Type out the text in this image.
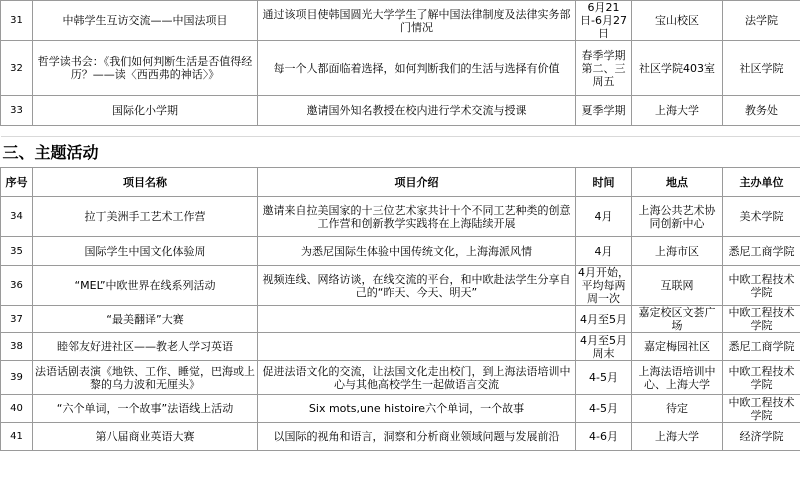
31	中韩学生互访交流——中国法项目	通过该项目使韩国圆光大学学生了解中国法律制度及法律实务部门情况	6月21日-6月27日	宝山校区	法学院
32	哲学读书会：《我们如何判断生活是否值得经历？——读〈西西弗的神话〉》	每一个人都面临着选择，如何判断我们的生活与选择有价值	春季学期第二、三周五	社区学院403室	社区学院
33	国际化小学期	邀请国外知名教授在校内进行学术交流与授课	夏季学期	上海大学	教务处

三、主题活动					
序号	项目名称	项目介绍	时间	地点	主办单位
34	拉丁美洲手工艺术工作营	邀请来自拉美国家的十三位艺术家共计十个不同工艺种类的创意工作营和创新教学实践将在上海陆续开展	4月	上海公共艺术协同创新中心	美术学院
35	国际学生中国文化体验周	为悉尼国际生体验中国传统文化，上海海派风情	4月	上海市区	悉尼工商学院
36	“MEL”中欧世界在线系列活动	视频连线、网络访谈，在线交流的平台，和中欧赴法学生分享自己的“昨天、今天、明天”	4月开始，平均每两周一次	互联网	中欧工程技术学院
37	“最美翻译”大赛		4月至5月	嘉定校区文荟广场	中欧工程技术学院
38	睦邻友好进社区——教老人学习英语		4月至5月周末	嘉定梅园社区	悉尼工商学院
39	法语话剧表演《地铁、工作、睡觉，巴海或上黎的乌力波和无厘头》	促进法语文化的交流，让法国文化走出校门，到上海法语培训中心与其他高校学生一起做语言交流	4-5月	上海法语培训中心、上海大学	中欧工程技术学院
40	“六个单词，一个故事”法语线上活动	Six mots,une histoire六个单词，一个故事	4-5月	待定	中欧工程技术学院
41	第八届商业英语大赛	以国际的视角和语言，洞察和分析商业领域问题与发展前沿	4-6月	上海大学	经济学院
